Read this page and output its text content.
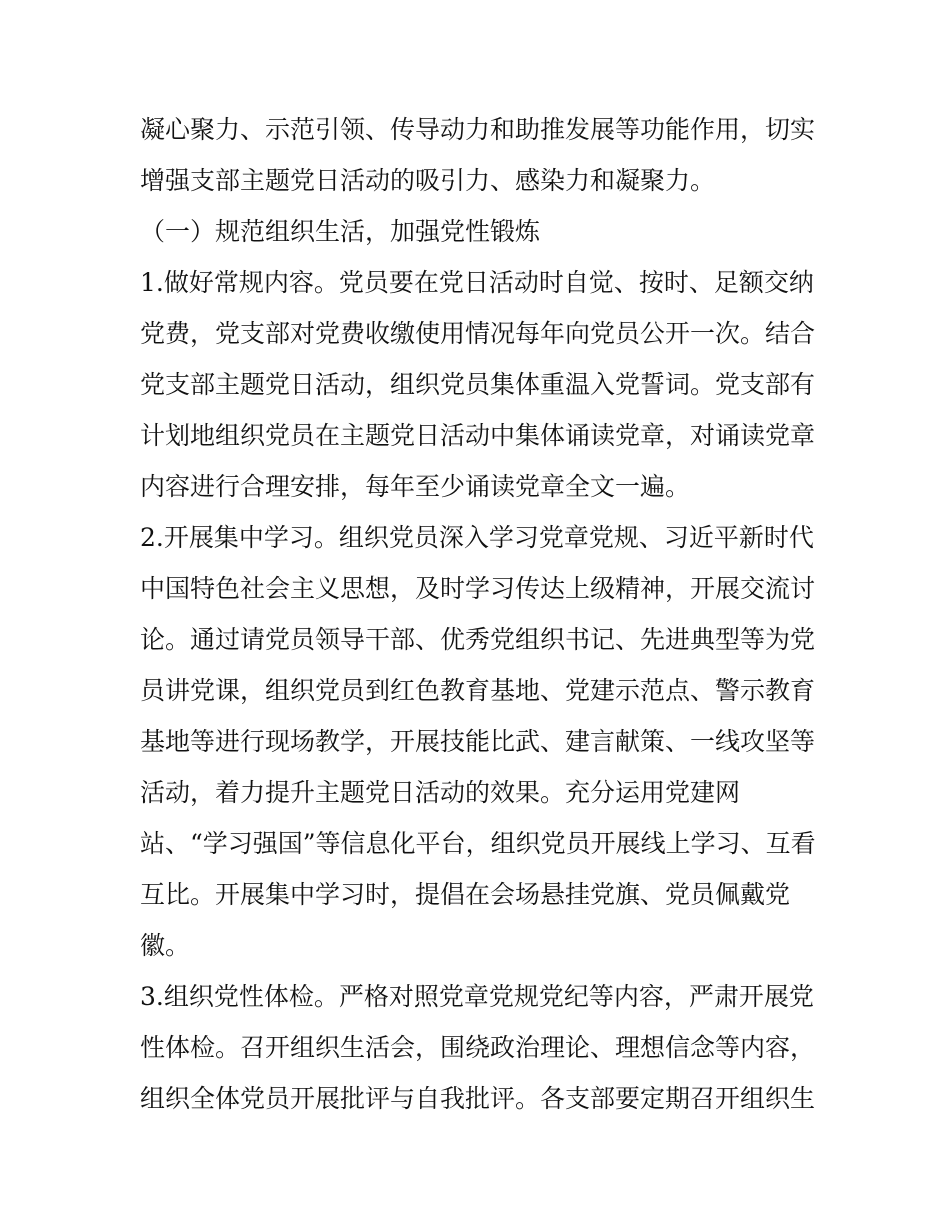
凝心聚力、示范引领、传导动力和助推发展等功能作用，切实
增强支部主题党日活动的吸引力、感染力和凝聚力。
（一）规范组织生活，加强党性锻炼
1.做好常规内容。党员要在党日活动时自觉、按时、足额交纳
党费，党支部对党费收缴使用情况每年向党员公开一次。结合
党支部主题党日活动，组织党员集体重温入党誓词。党支部有
计划地组织党员在主题党日活动中集体诵读党章，对诵读党章
内容进行合理安排，每年至少诵读党章全文一遍。
2.开展集中学习。组织党员深入学习党章党规、习近平新时代
中国特色社会主义思想，及时学习传达上级精神，开展交流讨
论。通过请党员领导干部、优秀党组织书记、先进典型等为党
员讲党课，组织党员到红色教育基地、党建示范点、警示教育
基地等进行现场教学，开展技能比武、建言献策、一线攻坚等
活动，着力提升主题党日活动的效果。充分运用党建网
站、“学习强国”等信息化平台，组织党员开展线上学习、互看
互比。开展集中学习时，提倡在会场悬挂党旗、党员佩戴党
徽。
3.组织党性体检。严格对照党章党规党纪等内容，严肃开展党
性体检。召开组织生活会，围绕政治理论、理想信念等内容，
组织全体党员开展批评与自我批评。各支部要定期召开组织生
